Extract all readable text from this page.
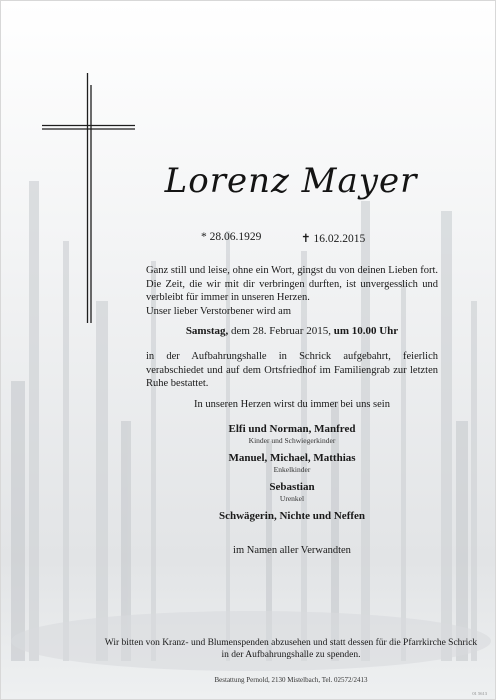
Lorenz Mayer
* 28.06.1929	✝ 16.02.2015
Ganz still und leise, ohne ein Wort, gingst du von deinen Lieben fort. Die Zeit, die wir mit dir verbringen durften, ist unvergesslich und verbleibt für immer in unseren Herzen.
Unser lieber Verstorbener wird am
Samstag, dem 28. Februar 2015, um 10.00 Uhr
in der Aufbahrungshalle in Schrick aufgebahrt, feierlich verabschiedet und auf dem Ortsfriedhof im Familiengrab zur letzten Ruhe bestattet.
In unseren Herzen wirst du immer bei uns sein
Elfi und Norman, Manfred
Kinder und Schwiegerkinder
Manuel, Michael, Matthias
Enkelkinder
Sebastian
Urenkel
Schwägerin, Nichte und Neffen
im Namen aller Verwandten
Wir bitten von Kranz- und Blumenspenden abzusehen und statt dessen für die Pfarrkirche Schrick in der Aufbahrungshalle zu spenden.
Bestattung Pernold, 2130 Mistelbach, Tel. 02572/2413
01 5613
